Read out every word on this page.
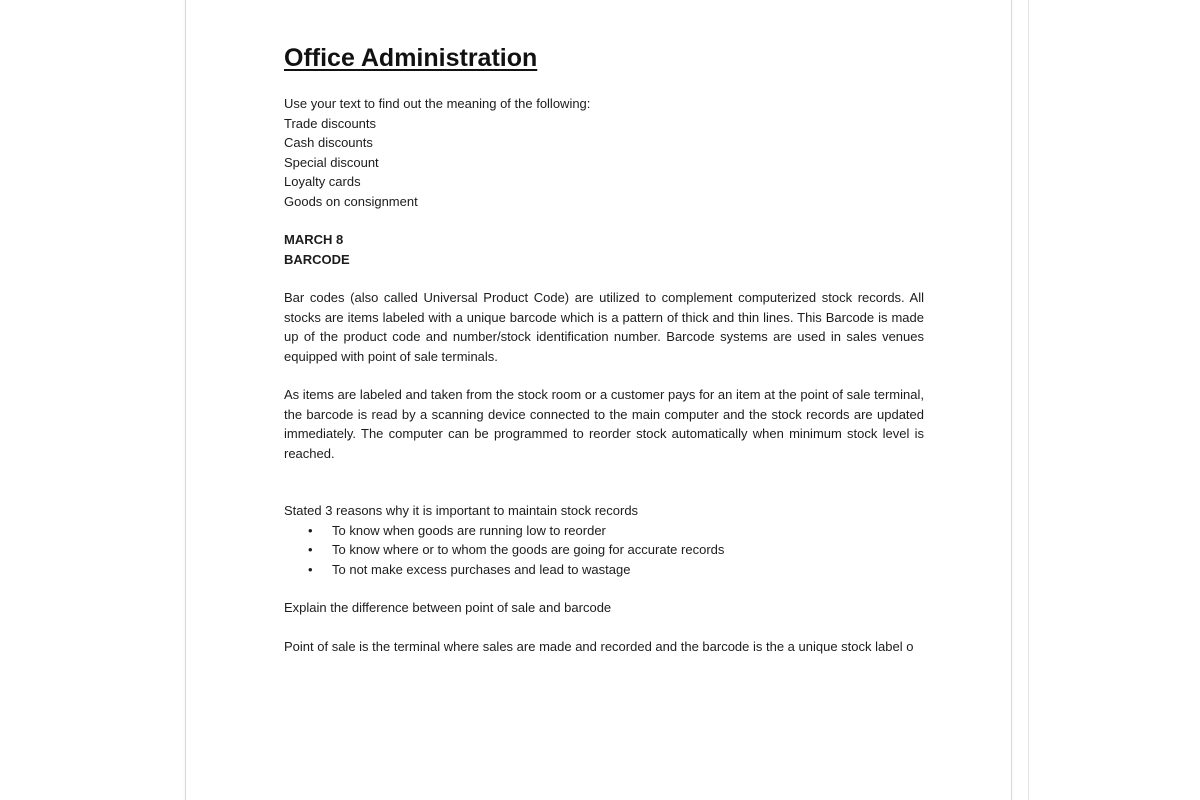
Office Administration
Use your text to find out the meaning of the following:
Trade discounts
Cash discounts
Special discount
Loyalty cards
Goods on consignment
MARCH 8
BARCODE

Bar codes (also called Universal Product Code) are utilized to complement computerized stock records. All stocks are items labeled with a unique barcode which is a pattern of thick and thin lines. This Barcode is made up of the product code and number/stock identification number. Barcode systems are used in sales venues equipped with point of sale terminals.

As items are labeled and taken from the stock room or a customer pays for an item at the point of sale terminal, the barcode is read by a scanning device connected to the main computer and the stock records are updated immediately. The computer can be programmed to reorder stock automatically when minimum stock level is reached.

Stated 3 reasons why it is important to maintain stock records
• To know when goods are running low to reorder
• To know where or to whom the goods are going for accurate records
• To not make excess purchases and lead to wastage
Explain the difference between point of sale and barcode

Point of sale is the terminal where sales are made and recorded and the barcode is the a unique stock label o
